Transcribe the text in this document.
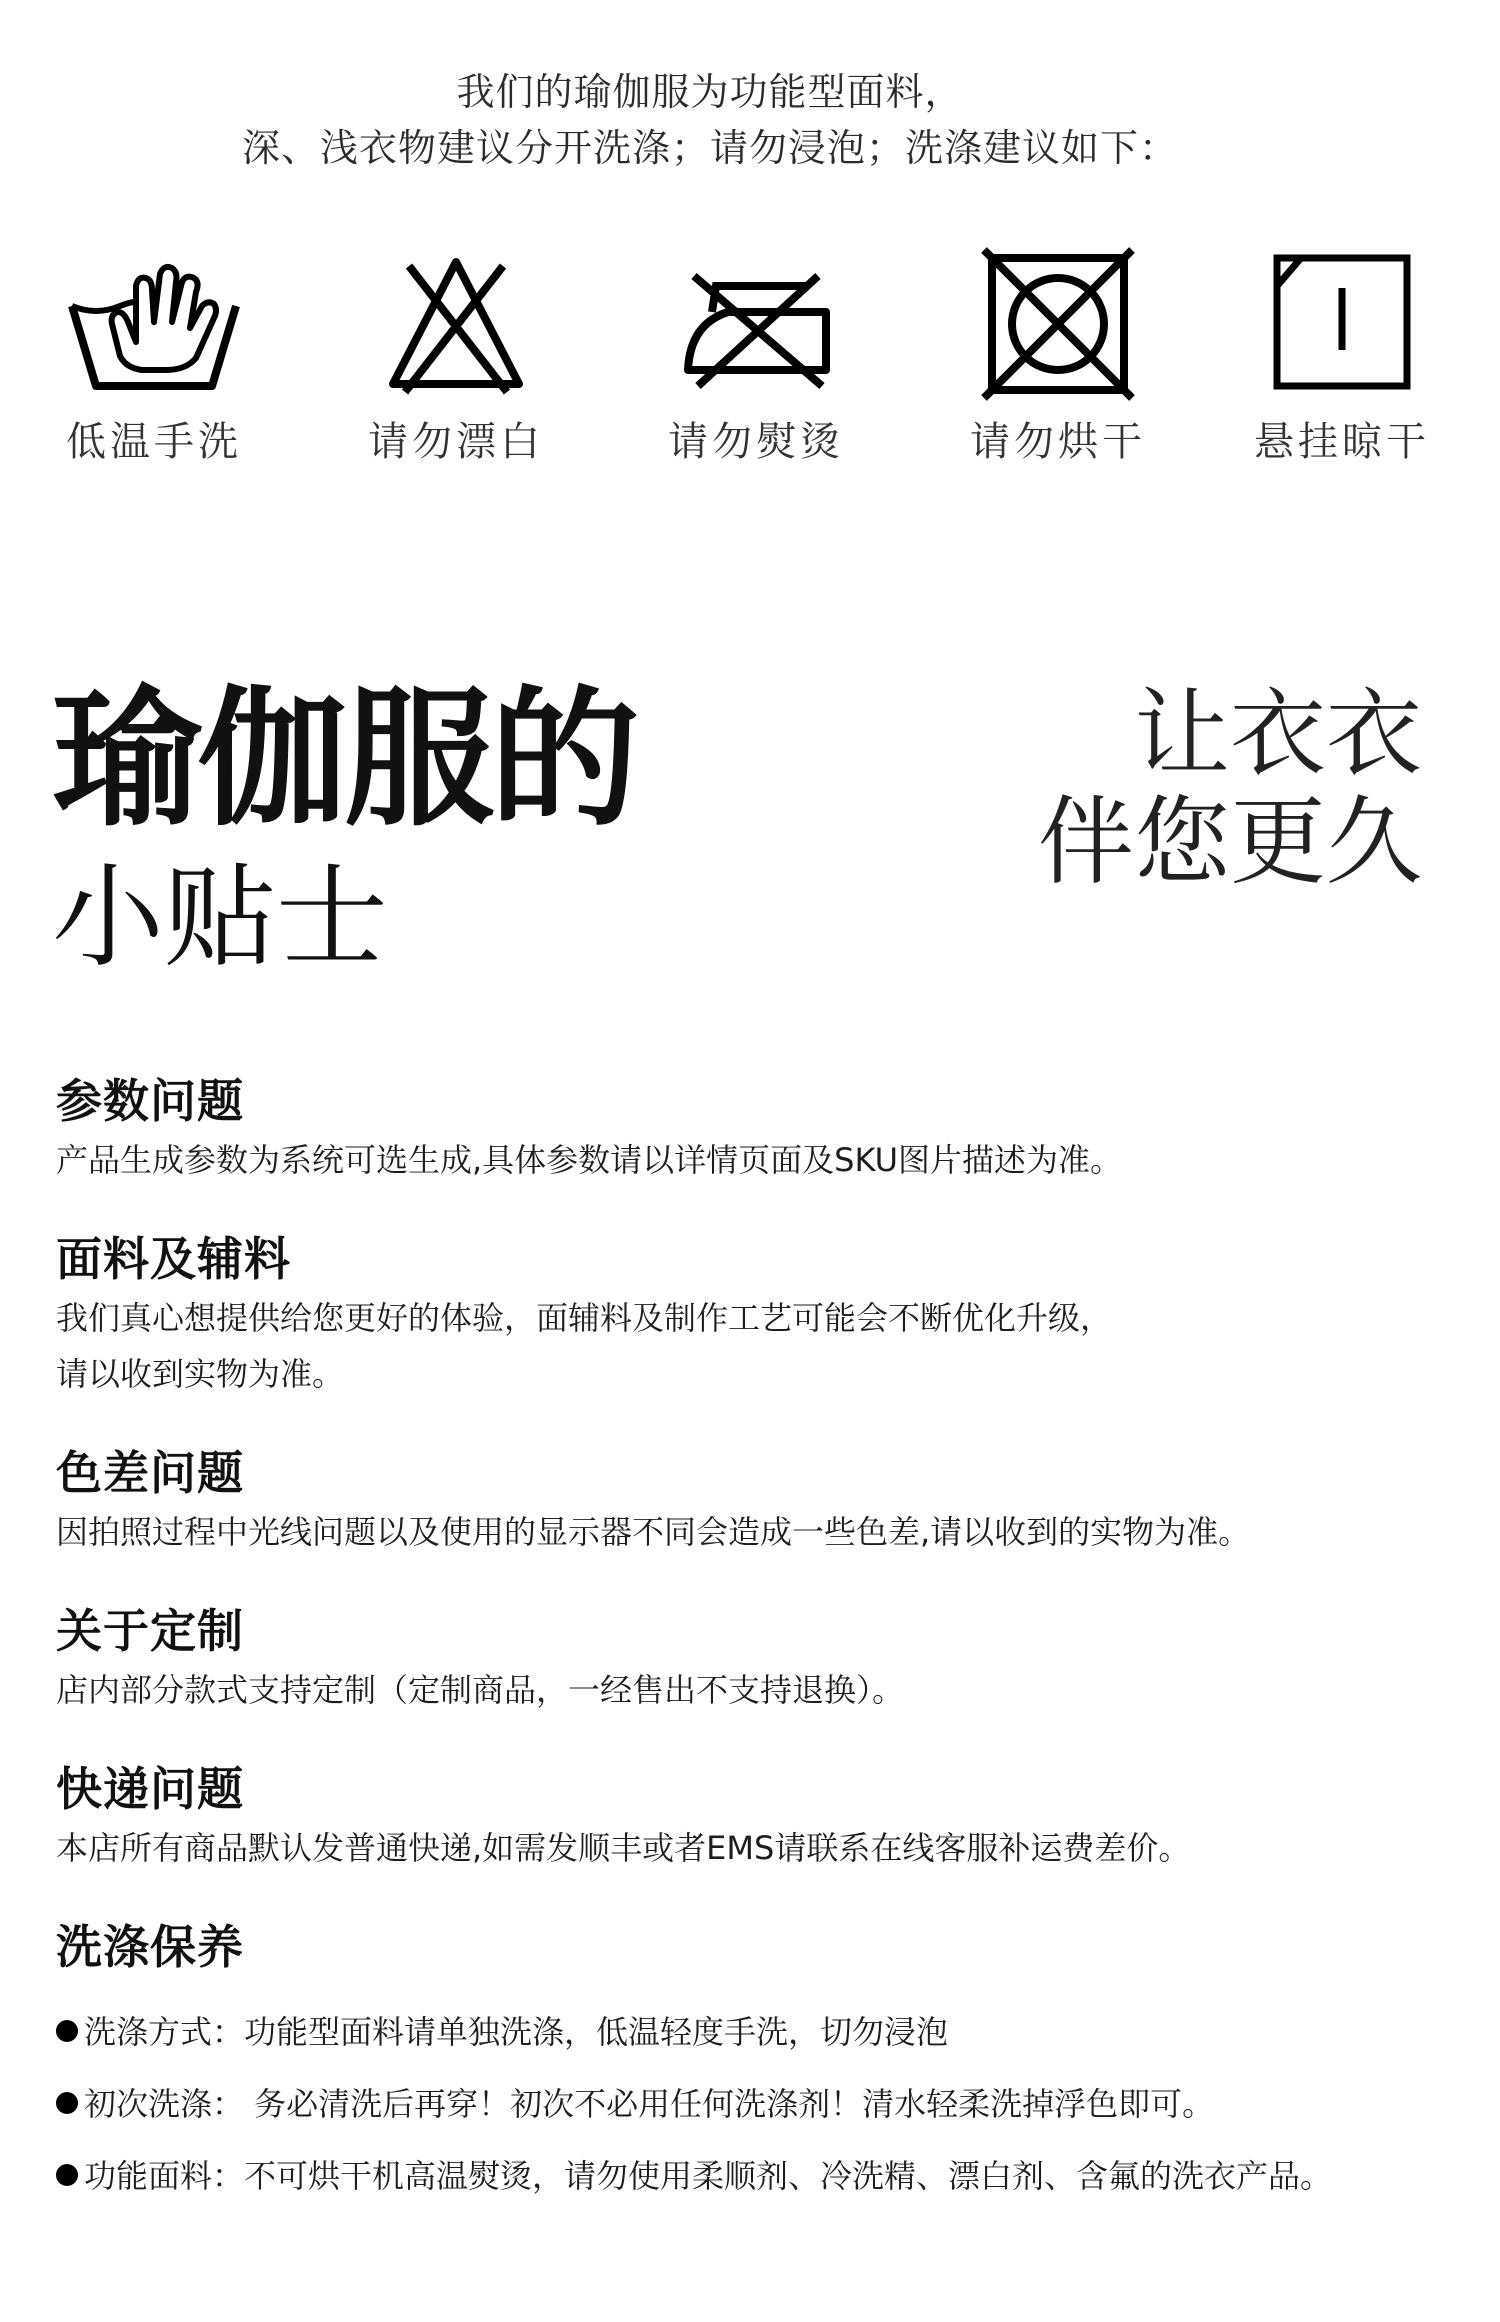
我们的瑜伽服为功能型面料，
深、浅衣物建议分开洗涤；请勿浸泡；洗涤建议如下：
低温手洗	请勿漂白	请勿熨烫	请勿烘干	悬挂晾干
瑜伽服的
小贴士
让衣衣
伴您更久
参数问题
产品生成参数为系统可选生成,具体参数请以详情页面及SKU图片描述为准。
面料及辅料
我们真心想提供给您更好的体验，面辅料及制作工艺可能会不断优化升级，
请以收到实物为准。
色差问题
因拍照过程中光线问题以及使用的显示器不同会造成一些色差,请以收到的实物为准。
关于定制
店内部分款式支持定制（定制商品，一经售出不支持退换）。
快递问题
本店所有商品默认发普通快递,如需发顺丰或者EMS请联系在线客服补运费差价。
洗涤保养
洗涤方式：功能型面料请单独洗涤，低温轻度手洗，切勿浸泡
初次洗涤： 务必清洗后再穿！初次不必用任何洗涤剂！清水轻柔洗掉浮色即可。
功能面料：不可烘干机高温熨烫，请勿使用柔顺剂、冷洗精、漂白剂、含氟的洗衣产品。
